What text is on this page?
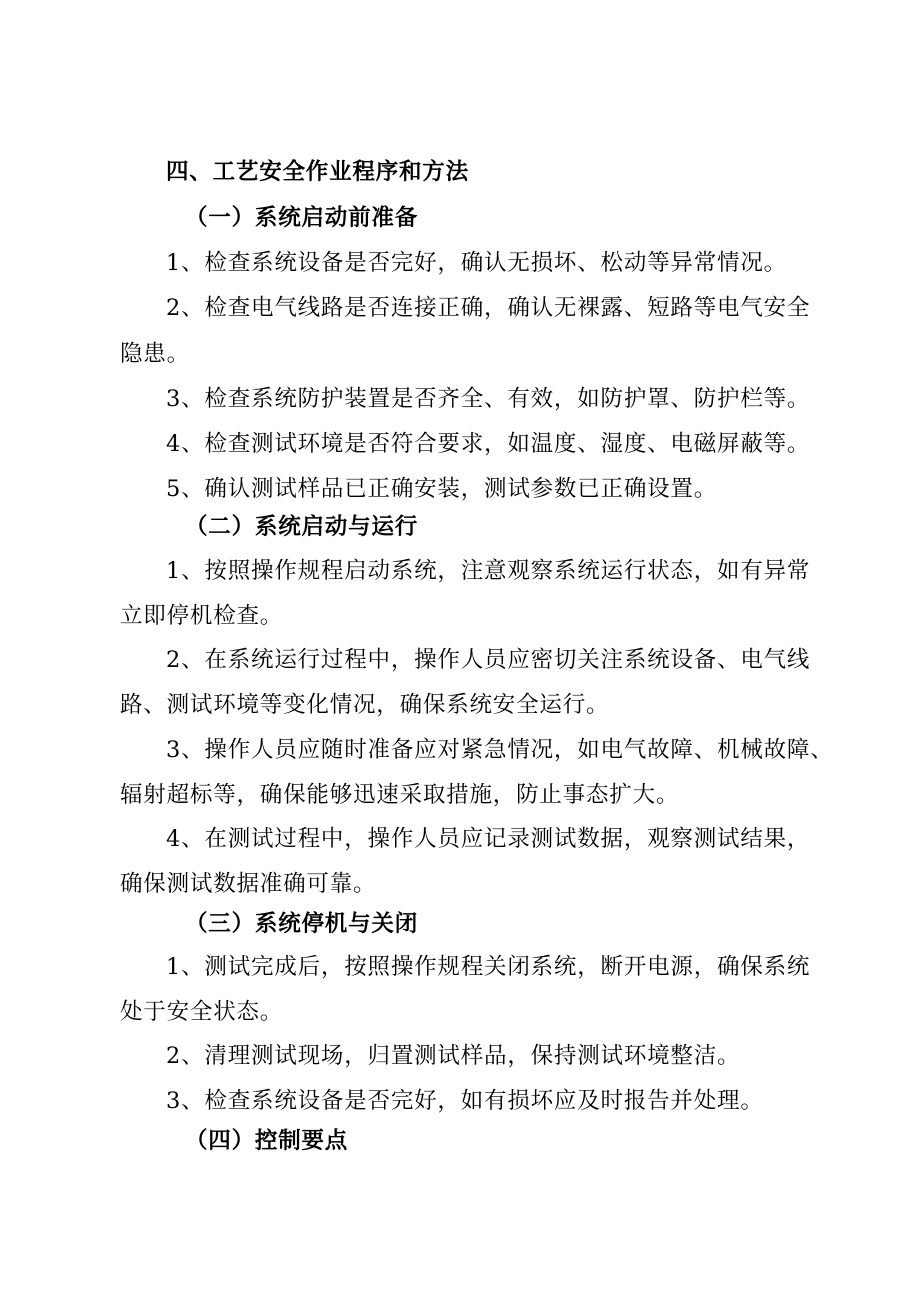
四、工艺安全作业程序和方法
（一）系统启动前准备
1、检查系统设备是否完好，确认无损坏、松动等异常情况。
2、检查电气线路是否连接正确，确认无裸露、短路等电气安全
隐患。
3、检查系统防护装置是否齐全、有效，如防护罩、防护栏等。
4、检查测试环境是否符合要求，如温度、湿度、电磁屏蔽等。
5、确认测试样品已正确安装，测试参数已正确设置。
（二）系统启动与运行
1、按照操作规程启动系统，注意观察系统运行状态，如有异常
立即停机检查。
2、在系统运行过程中，操作人员应密切关注系统设备、电气线
路、测试环境等变化情况，确保系统安全运行。
3、操作人员应随时准备应对紧急情况，如电气故障、机械故障、
辐射超标等，确保能够迅速采取措施，防止事态扩大。
4、在测试过程中，操作人员应记录测试数据，观察测试结果，
确保测试数据准确可靠。
（三）系统停机与关闭
1、测试完成后，按照操作规程关闭系统，断开电源，确保系统
处于安全状态。
2、清理测试现场，归置测试样品，保持测试环境整洁。
3、检查系统设备是否完好，如有损坏应及时报告并处理。
（四）控制要点
